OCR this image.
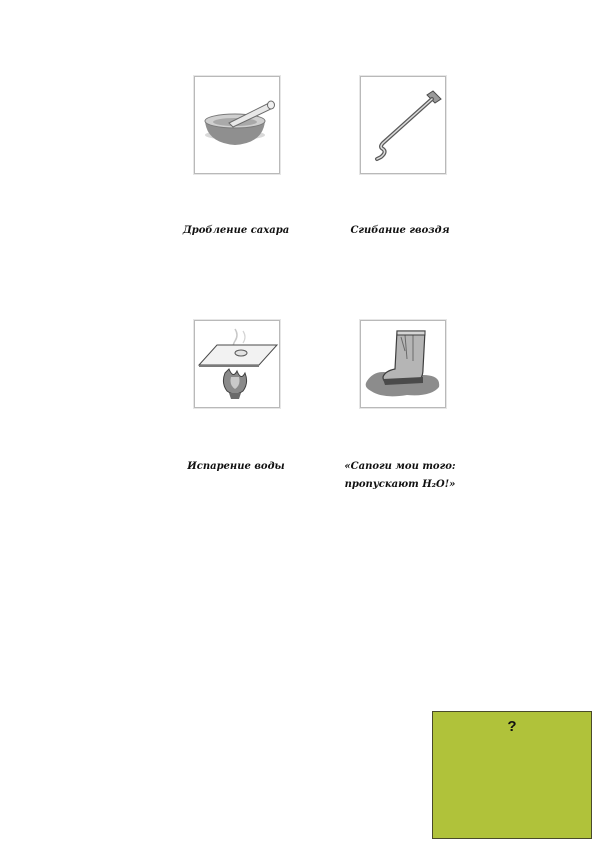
Дробление сахара	Сгибание гвоздя
Испарение воды	«Сапоги мои того:
пропускают H₂O!»
?
